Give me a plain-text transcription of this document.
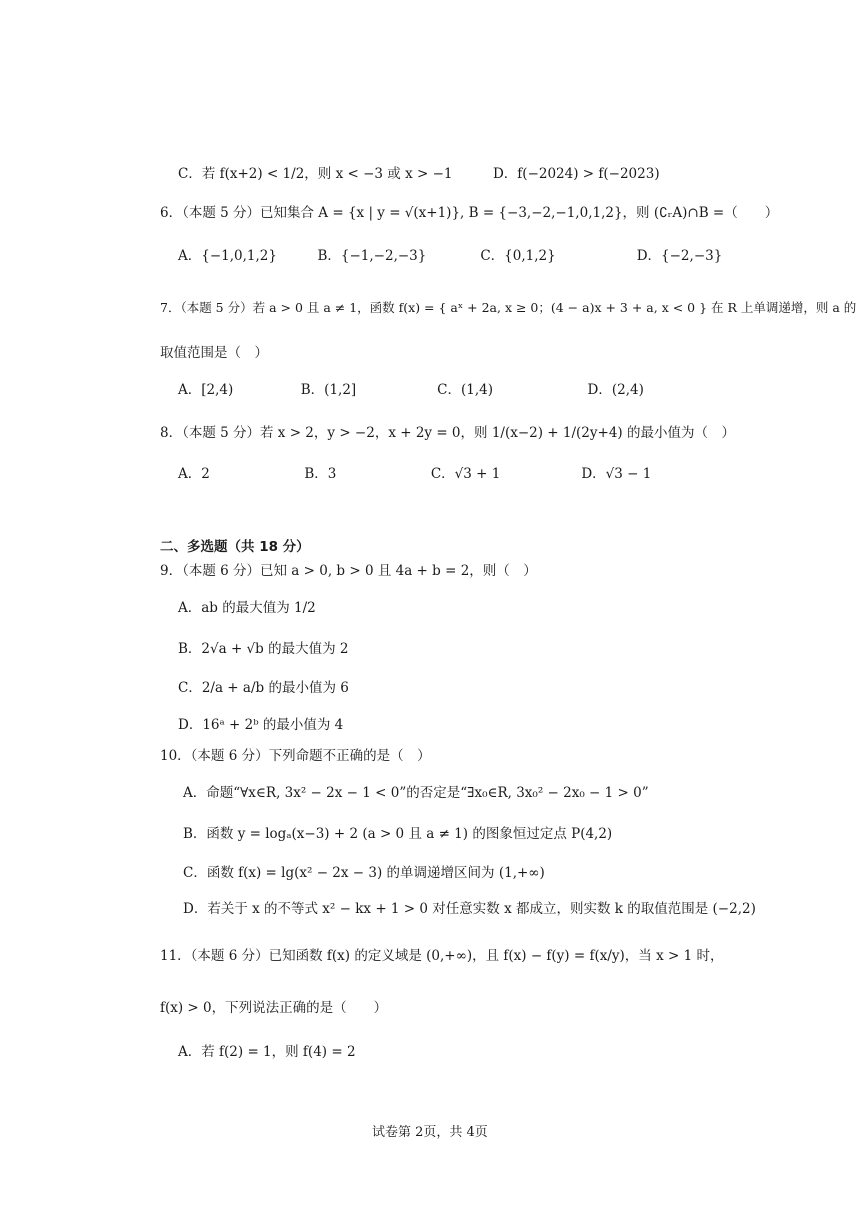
C．若 f(x+2) < 1/2，则 x < −3 或 x > −1　　　D．f(−2024) > f(−2023)
6．（本题 5 分）已知集合 A = {x | y = √(x+1)}, B = {−3,−2,−1,0,1,2}，则 (∁ᵣA)∩B =（　　）
A．{−1,0,1,2}　　　B．{−1,−2,−3}　　　　C．{0,1,2}　　　　　　D．{−2,−3}
7．（本题 5 分）若 a > 0 且 a ≠ 1，函数 f(x) = { aˣ + 2a, x ≥ 0；(4 − a)x + 3 + a, x < 0 } 在 R 上单调递增，则 a 的
取值范围是（　）
A．[2,4)　　　　　B．(1,2]　　　　　　C．(1,4)　　　　　　　D．(2,4)
8．（本题 5 分）若 x > 2，y > −2，x + 2y = 0，则 1/(x−2) + 1/(2y+4) 的最小值为（　）
A．2　　　　　　　B．3　　　　　　　C．√3 + 1　　　　　　D．√3 − 1
二、多选题（共 18 分）
9．（本题 6 分）已知 a > 0, b > 0 且 4a + b = 2，则（　）
A．ab 的最大值为 1/2
B．2√a + √b 的最大值为 2
C．2/a + a/b 的最小值为 6
D．16ᵃ + 2ᵇ 的最小值为 4
10．（本题 6 分）下列命题不正确的是（　）
A．命题“∀x∈R, 3x² − 2x − 1 < 0”的否定是“∃x₀∈R, 3x₀² − 2x₀ − 1 > 0”
B．函数 y = logₐ(x−3) + 2 (a > 0 且 a ≠ 1) 的图象恒过定点 P(4,2)
C．函数 f(x) = lg(x² − 2x − 3) 的单调递增区间为 (1,+∞)
D．若关于 x 的不等式 x² − kx + 1 > 0 对任意实数 x 都成立，则实数 k 的取值范围是 (−2,2)
11．（本题 6 分）已知函数 f(x) 的定义域是 (0,+∞)，且 f(x) − f(y) = f(x/y)，当 x > 1 时，
f(x) > 0，下列说法正确的是（　　）
A．若 f(2) = 1，则 f(4) = 2
试卷第 2页，共 4页
